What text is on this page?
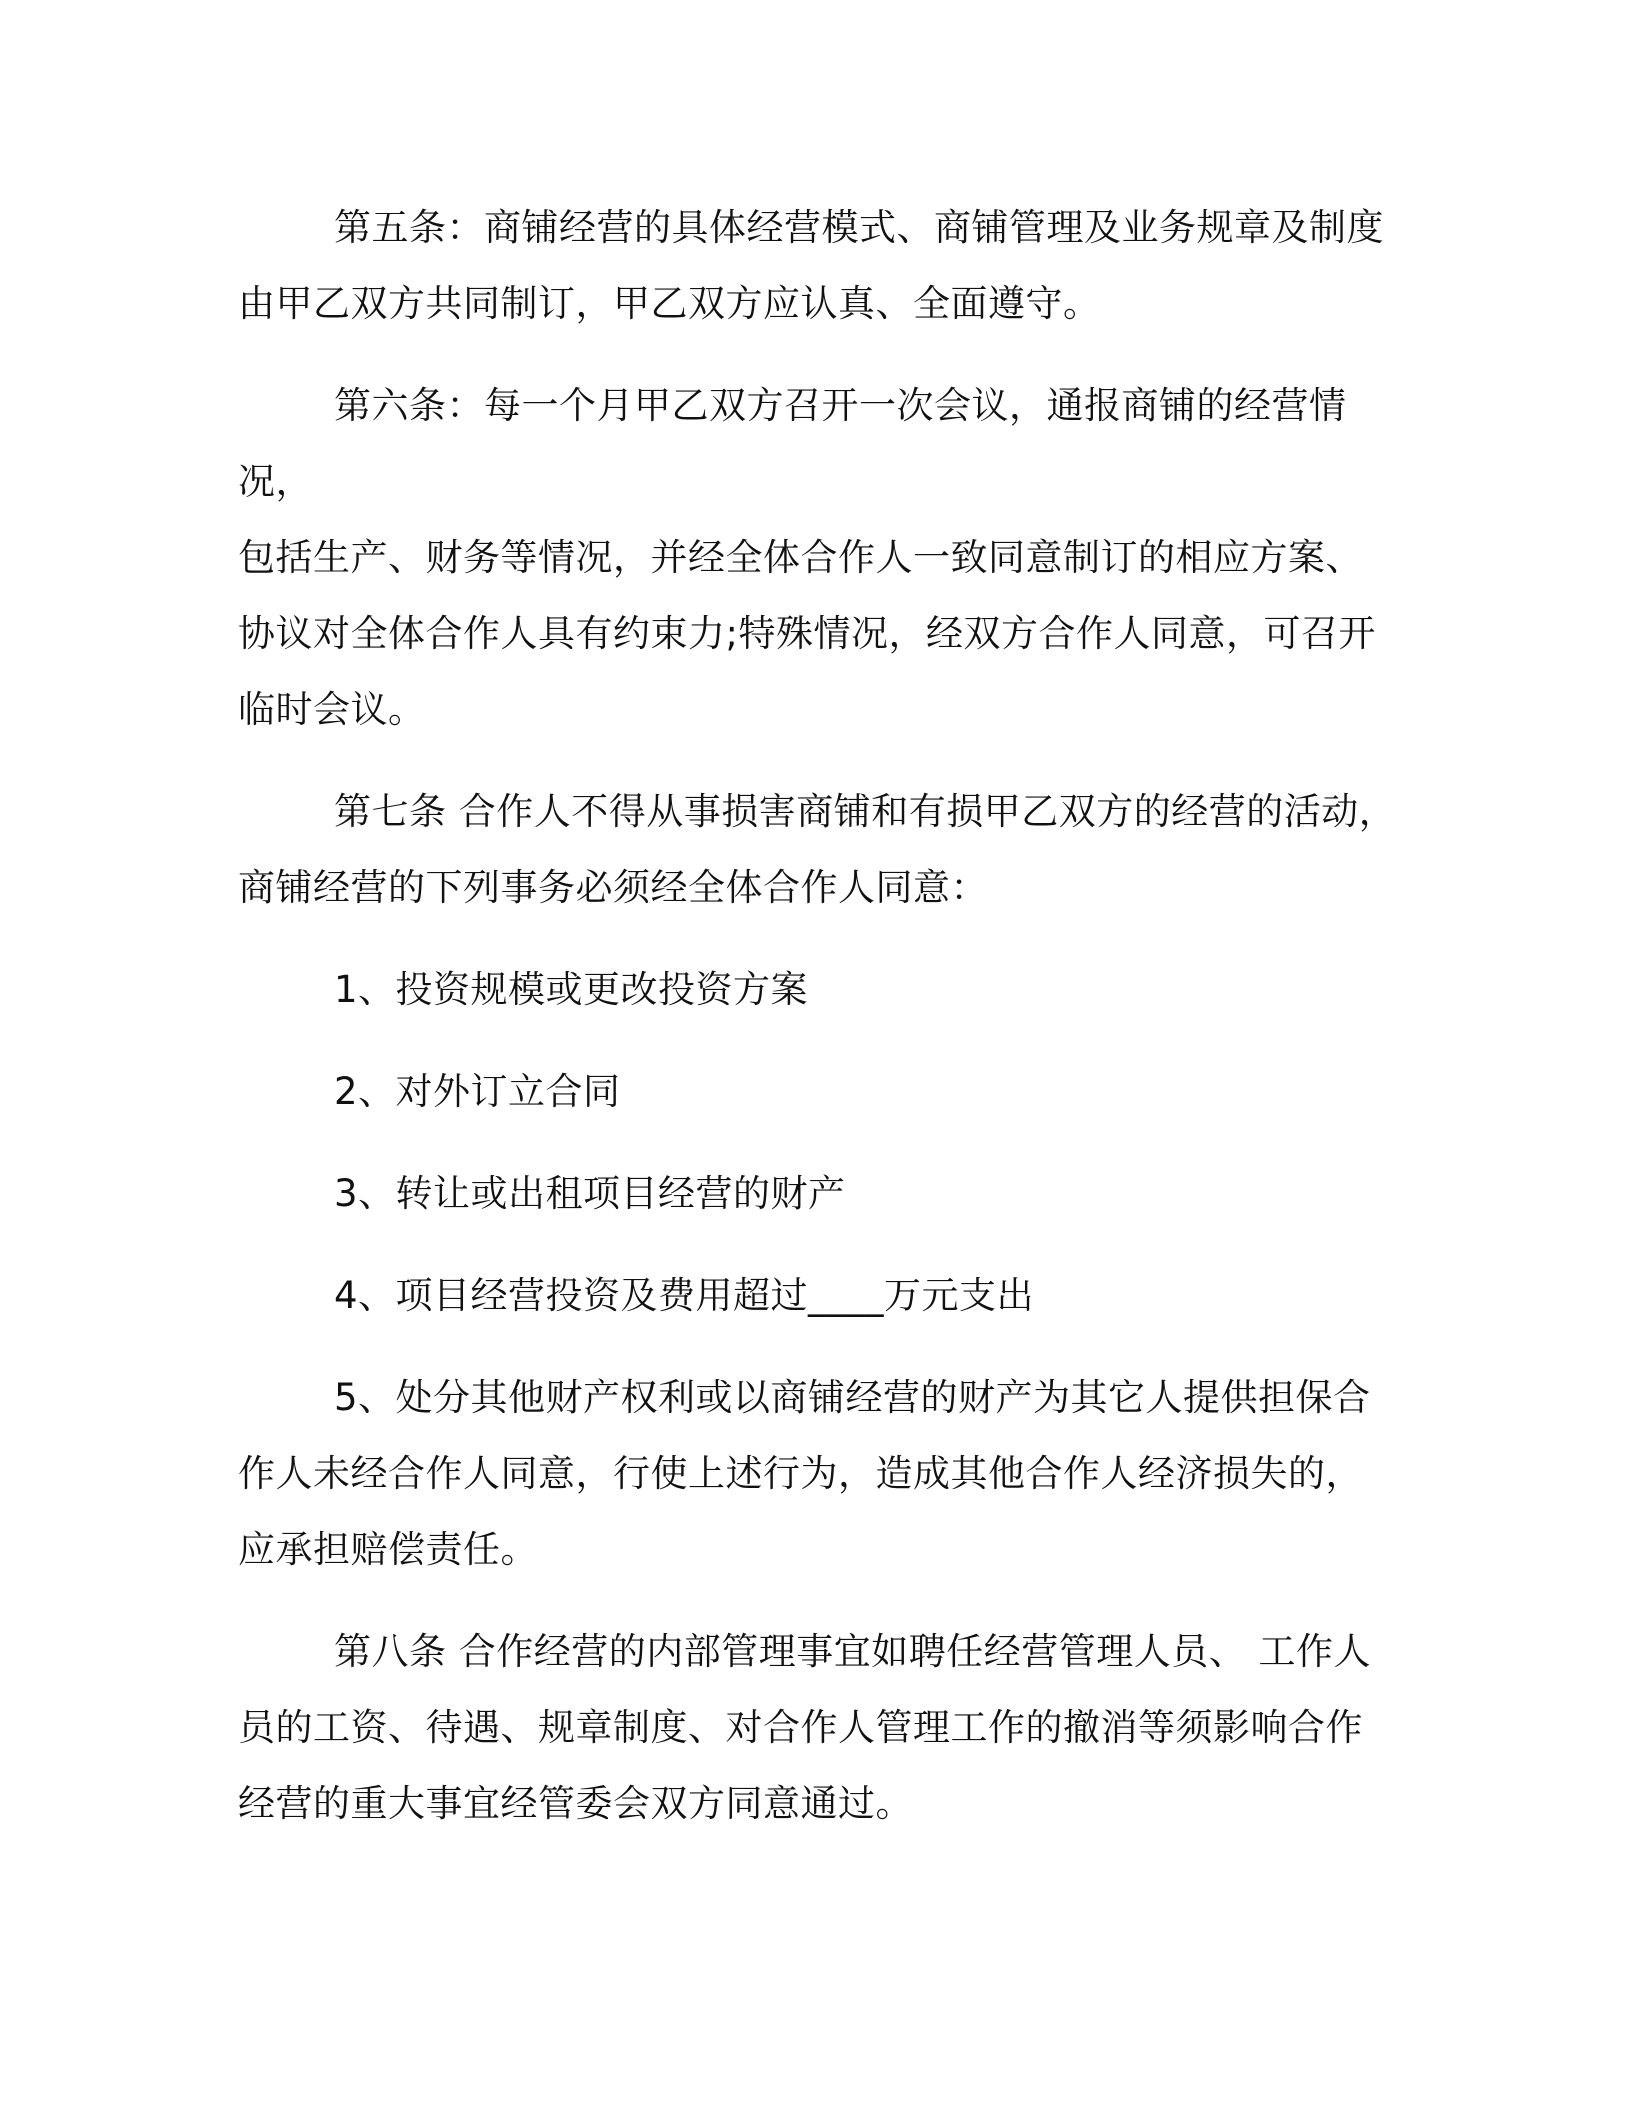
第五条：商铺经营的具体经营模式、商铺管理及业务规章及制度
由甲乙双方共同制订，甲乙双方应认真、全面遵守。

第六条：每一个月甲乙双方召开一次会议，通报商铺的经营情况，
包括生产、财务等情况，并经全体合作人一致同意制订的相应方案、
协议对全体合作人具有约束力;特殊情况，经双方合作人同意，可召开
临时会议。

第七条 合作人不得从事损害商铺和有损甲乙双方的经营的活动，
商铺经营的下列事务必须经全体合作人同意：

1、投资规模或更改投资方案
2、对外订立合同
3、转让或出租项目经营的财产
4、项目经营投资及费用超过____万元支出

5、处分其他财产权利或以商铺经营的财产为其它人提供担保合
作人未经合作人同意，行使上述行为，造成其他合作人经济损失的，
应承担赔偿责任。

第八条 合作经营的内部管理事宜如聘任经营管理人员、 工作人
员的工资、待遇、规章制度、对合作人管理工作的撤消等须影响合作
经营的重大事宜经管委会双方同意通过。
